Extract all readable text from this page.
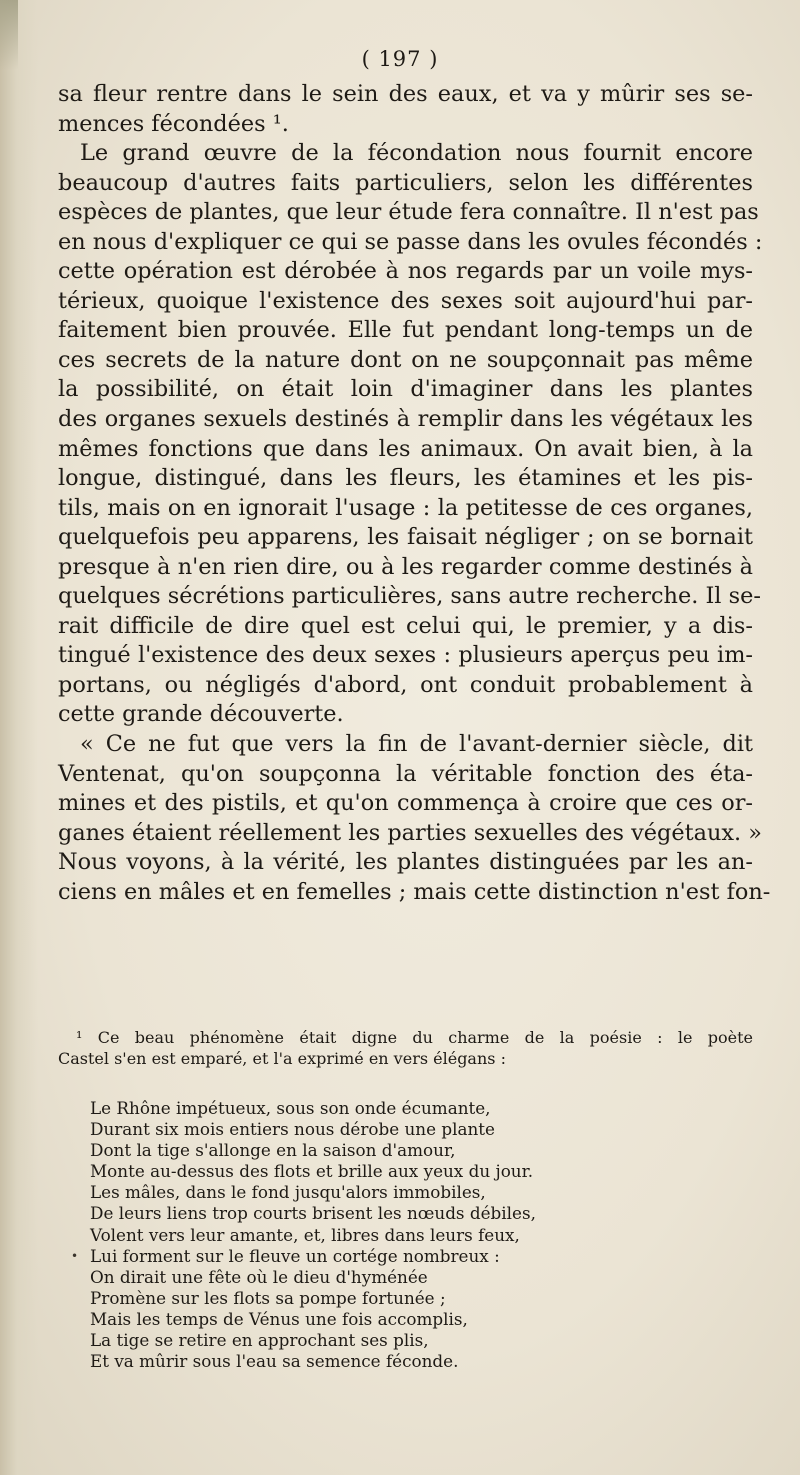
( 197 )
sa fleur rentre dans le sein des eaux, et va y mûrir ses se-
mences fécondées ¹.
Le grand œuvre de la fécondation nous fournit encore
beaucoup d'autres faits particuliers, selon les différentes
espèces de plantes, que leur étude fera connaître. Il n'est pas
en nous d'expliquer ce qui se passe dans les ovules fécondés :
cette opération est dérobée à nos regards par un voile mys-
térieux, quoique l'existence des sexes soit aujourd'hui par-
faitement bien prouvée. Elle fut pendant long-temps un de
ces secrets de la nature dont on ne soupçonnait pas même
la possibilité, on était loin d'imaginer dans les plantes
des organes sexuels destinés à remplir dans les végétaux les
mêmes fonctions que dans les animaux. On avait bien, à la
longue, distingué, dans les fleurs, les étamines et les pis-
tils, mais on en ignorait l'usage : la petitesse de ces organes,
quelquefois peu apparens, les faisait négliger ; on se bornait
presque à n'en rien dire, ou à les regarder comme destinés à
quelques sécrétions particulières, sans autre recherche. Il se-
rait difficile de dire quel est celui qui, le premier, y a dis-
tingué l'existence des deux sexes : plusieurs aperçus peu im-
portans, ou négligés d'abord, ont conduit probablement à
cette grande découverte.
« Ce ne fut que vers la fin de l'avant-dernier siècle, dit
Ventenat, qu'on soupçonna la véritable fonction des éta-
mines et des pistils, et qu'on commença à croire que ces or-
ganes étaient réellement les parties sexuelles des végétaux. »
Nous voyons, à la vérité, les plantes distinguées par les an-
ciens en mâles et en femelles ; mais cette distinction n'est fon-
¹ Ce beau phénomène était digne du charme de la poésie : le poète
Castel s'en est emparé, et l'a exprimé en vers élégans :
Le Rhône impétueux, sous son onde écumante,
Durant six mois entiers nous dérobe une plante
Dont la tige s'allonge en la saison d'amour,
Monte au-dessus des flots et brille aux yeux du jour.
Les mâles, dans le fond jusqu'alors immobiles,
De leurs liens trop courts brisent les nœuds débiles,
Volent vers leur amante, et, libres dans leurs feux,
Lui forment sur le fleuve un cortége nombreux :
On dirait une fête où le dieu d'hyménée
Promène sur les flots sa pompe fortunée ;
Mais les temps de Vénus une fois accomplis,
La tige se retire en approchant ses plis,
Et va mûrir sous l'eau sa semence féconde.
•
